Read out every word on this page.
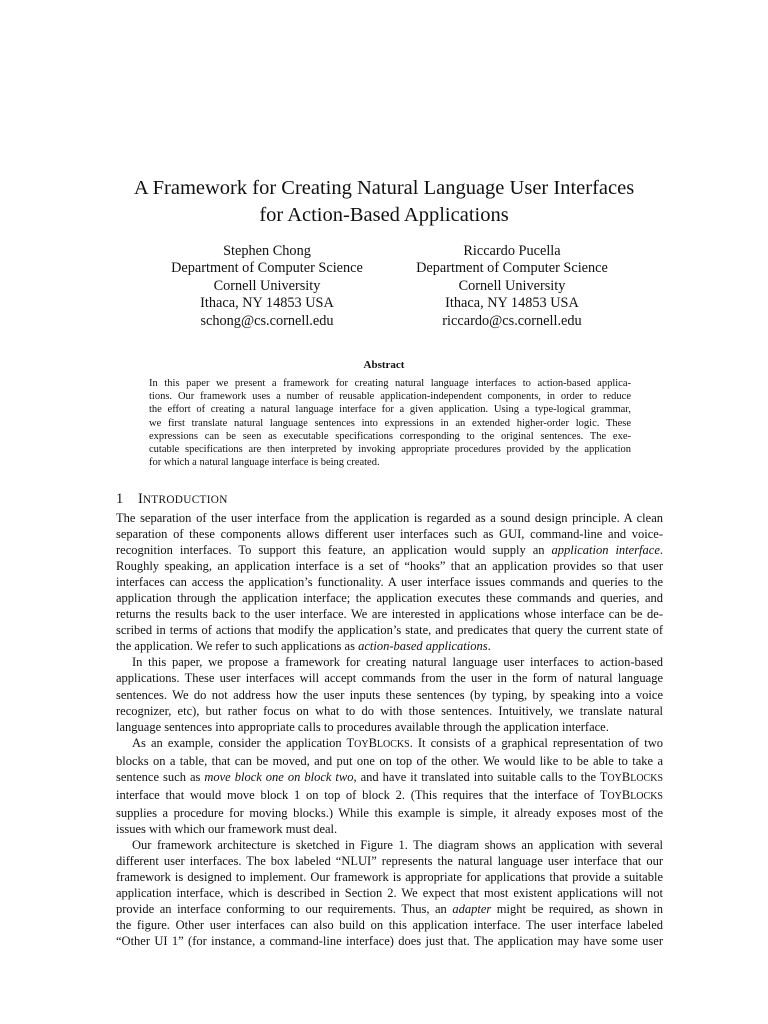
A Framework for Creating Natural Language User Interfaces
for Action-Based Applications
Stephen Chong
Department of Computer Science
Cornell University
Ithaca, NY 14853 USA
schong@cs.cornell.edu
Riccardo Pucella
Department of Computer Science
Cornell University
Ithaca, NY 14853 USA
riccardo@cs.cornell.edu
Abstract
In this paper we present a framework for creating natural language interfaces to action-based applica-
tions. Our framework uses a number of reusable application-independent components, in order to reduce
the effort of creating a natural language interface for a given application. Using a type-logical grammar,
we first translate natural language sentences into expressions in an extended higher-order logic. These
expressions can be seen as executable specifications corresponding to the original sentences. The exe-
cutable specifications are then interpreted by invoking appropriate procedures provided by the application
for which a natural language interface is being created.
1 INTRODUCTION
The separation of the user interface from the application is regarded as a sound design principle. A clean
separation of these components allows different user interfaces such as GUI, command-line and voice-
recognition interfaces. To support this feature, an application would supply an application interface.
Roughly speaking, an application interface is a set of “hooks” that an application provides so that user
interfaces can access the application’s functionality. A user interface issues commands and queries to the
application through the application interface; the application executes these commands and queries, and
returns the results back to the user interface. We are interested in applications whose interface can be de-
scribed in terms of actions that modify the application’s state, and predicates that query the current state of
the application. We refer to such applications as action-based applications.
In this paper, we propose a framework for creating natural language user interfaces to action-based
applications. These user interfaces will accept commands from the user in the form of natural language
sentences. We do not address how the user inputs these sentences (by typing, by speaking into a voice
recognizer, etc), but rather focus on what to do with those sentences. Intuitively, we translate natural
language sentences into appropriate calls to procedures available through the application interface.
As an example, consider the application TOYBLOCKS. It consists of a graphical representation of two
blocks on a table, that can be moved, and put one on top of the other. We would like to be able to take a
sentence such as move block one on block two, and have it translated into suitable calls to the TOYBLOCKS
interface that would move block 1 on top of block 2. (This requires that the interface of TOYBLOCKS
supplies a procedure for moving blocks.) While this example is simple, it already exposes most of the
issues with which our framework must deal.
Our framework architecture is sketched in Figure 1. The diagram shows an application with several
different user interfaces. The box labeled “NLUI” represents the natural language user interface that our
framework is designed to implement. Our framework is appropriate for applications that provide a suitable
application interface, which is described in Section 2. We expect that most existent applications will not
provide an interface conforming to our requirements. Thus, an adapter might be required, as shown in
the figure. Other user interfaces can also build on this application interface. The user interface labeled
“Other UI 1” (for instance, a command-line interface) does just that. The application may have some user
